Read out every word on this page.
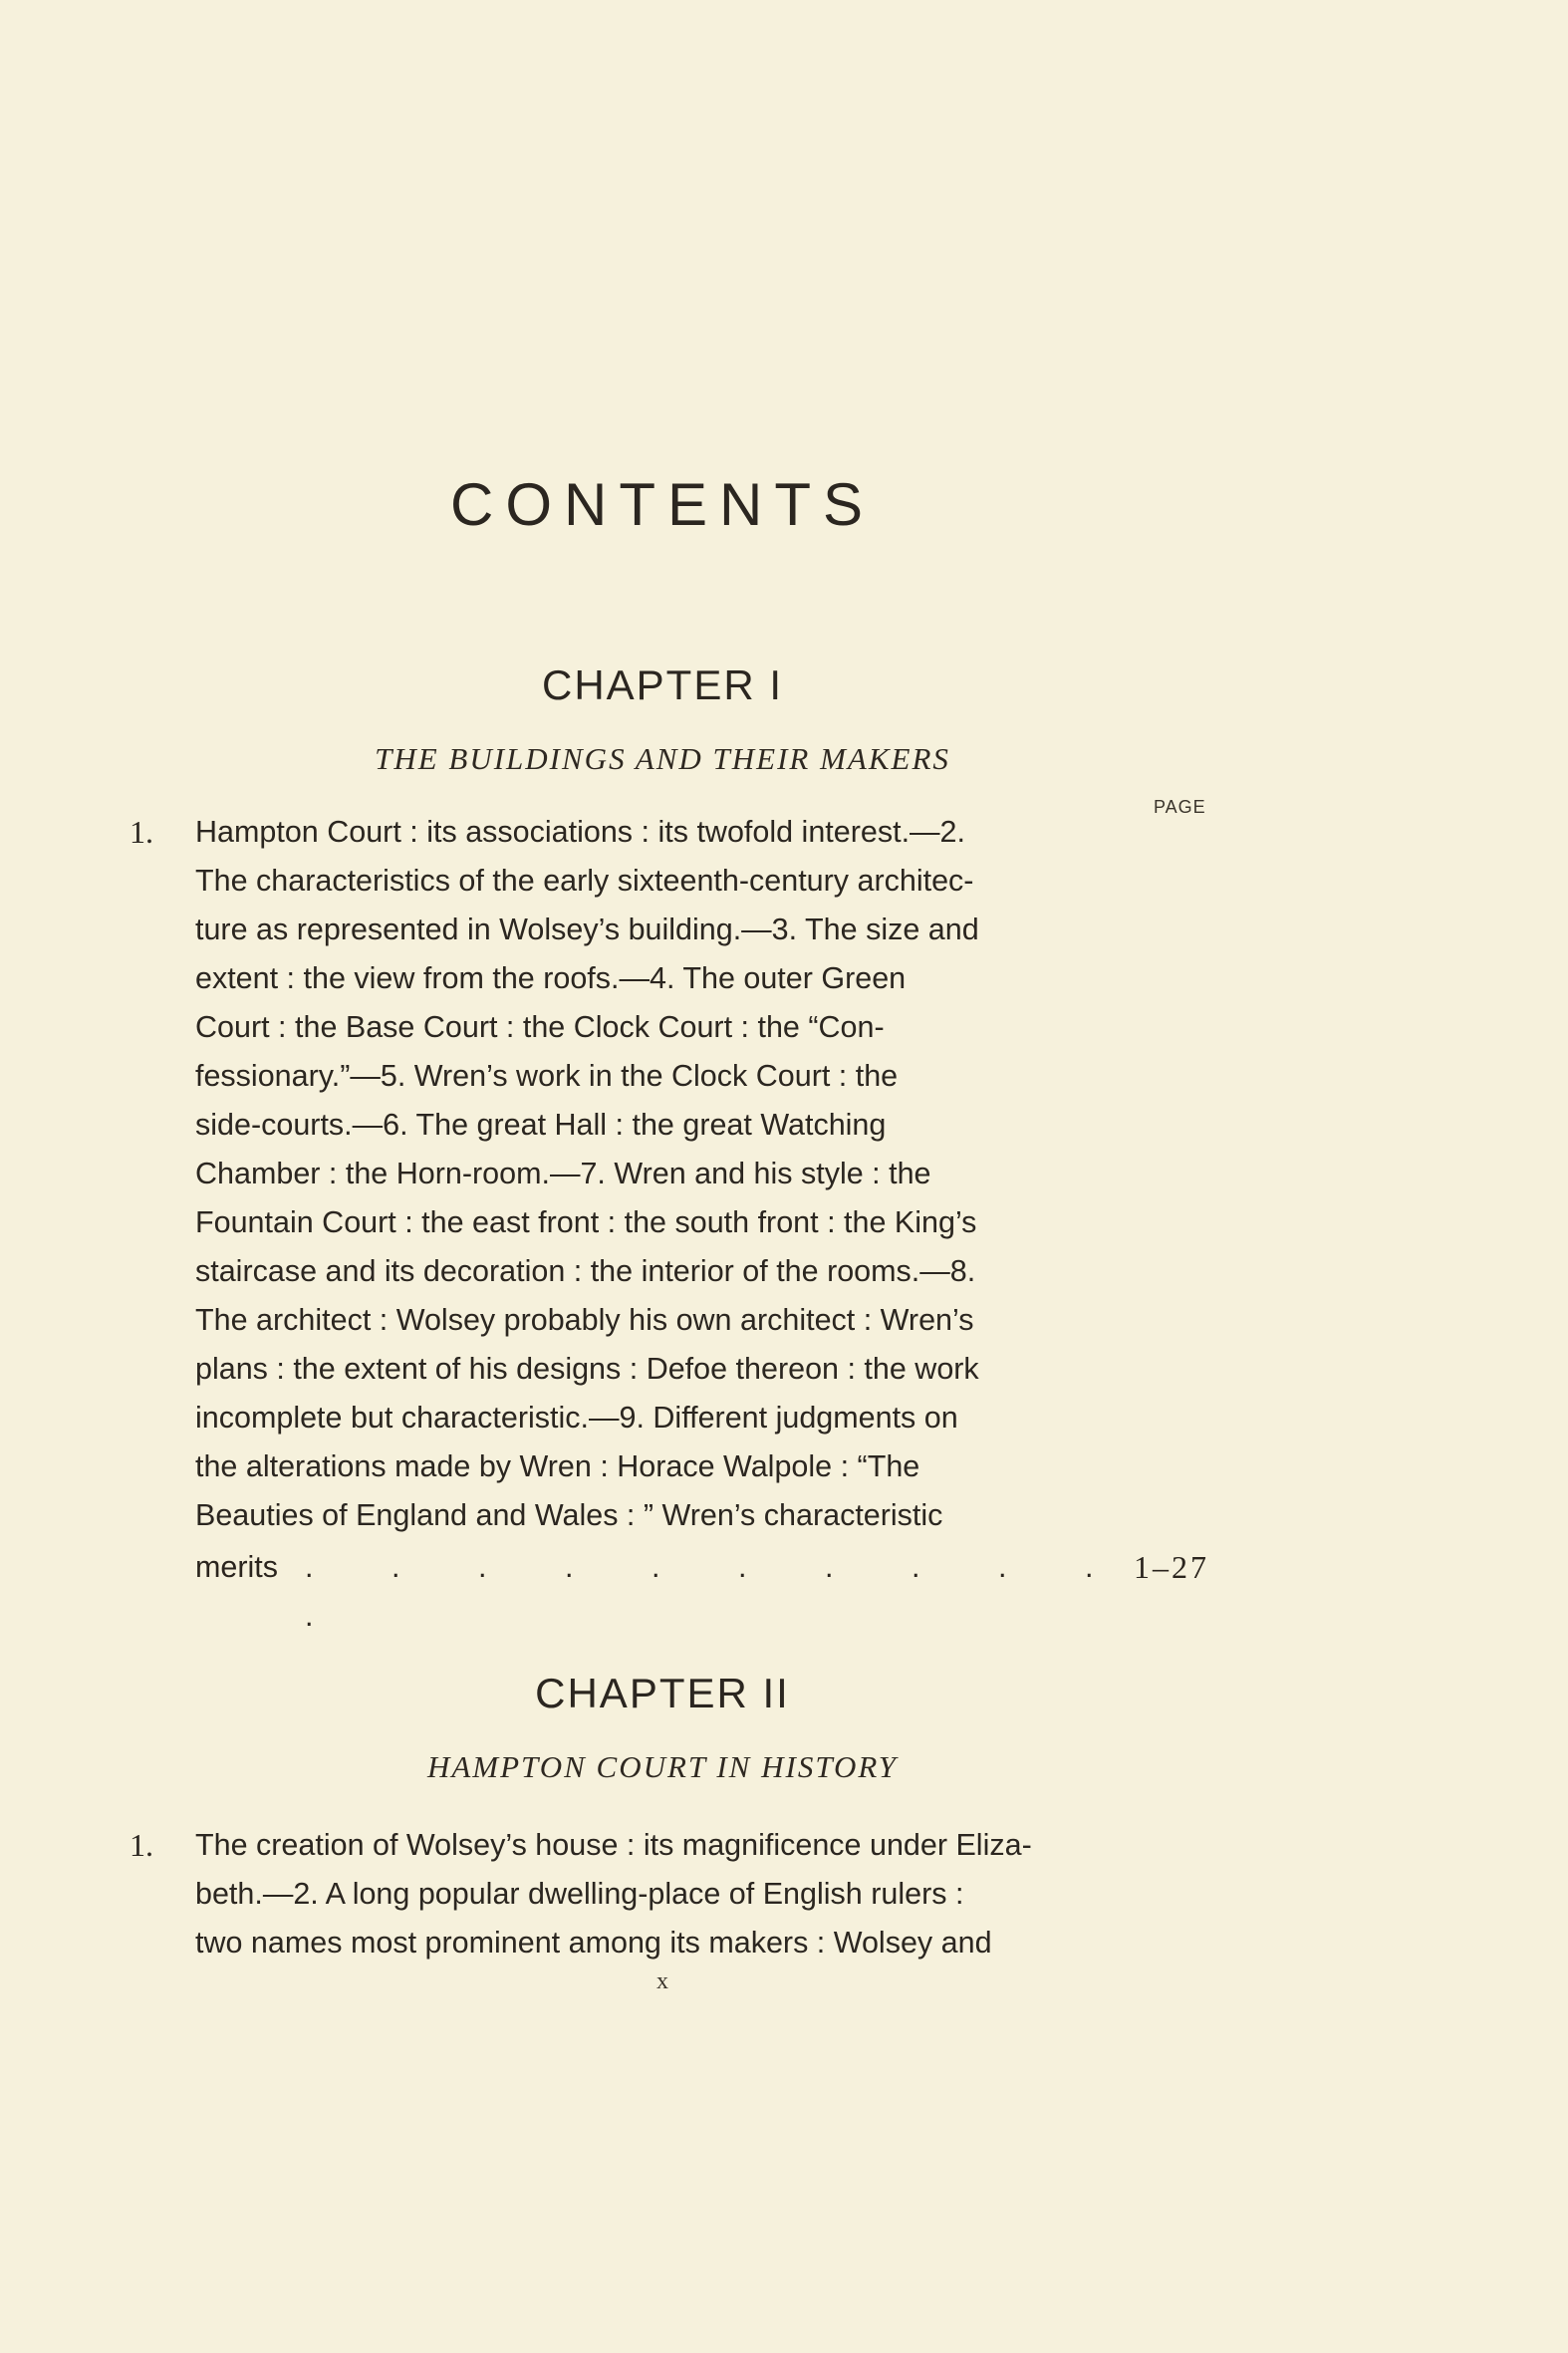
CONTENTS
CHAPTER I
THE BUILDINGS AND THEIR MAKERS
PAGE
1. Hampton Court : its associations : its twofold interest.—2.
The characteristics of the early sixteenth-century architec-
ture as represented in Wolsey’s building.—3. The size and
extent : the view from the roofs.—4. The outer Green
Court : the Base Court : the Clock Court : the “Con-
fessionary.”—5. Wren’s work in the Clock Court : the
side-courts.—6. The great Hall : the great Watching
Chamber : the Horn-room.—7. Wren and his style : the
Fountain Court : the east front : the south front : the King’s
staircase and its decoration : the interior of the rooms.—8.
The architect : Wolsey probably his own architect : Wren’s
plans : the extent of his designs : Defoe thereon : the work
incomplete but characteristic.—9. Different judgments on
the alterations made by Wren : Horace Walpole : “The
Beauties of England and Wales : ” Wren’s characteristic
merits .	.	.	.	.	.	.	.	.	..
1–27
CHAPTER II
HAMPTON COURT IN HISTORY
1. The creation of Wolsey’s house : its magnificence under Eliza-
beth.—2. A long popular dwelling-place of English rulers :
two names most prominent among its makers : Wolsey and
x
